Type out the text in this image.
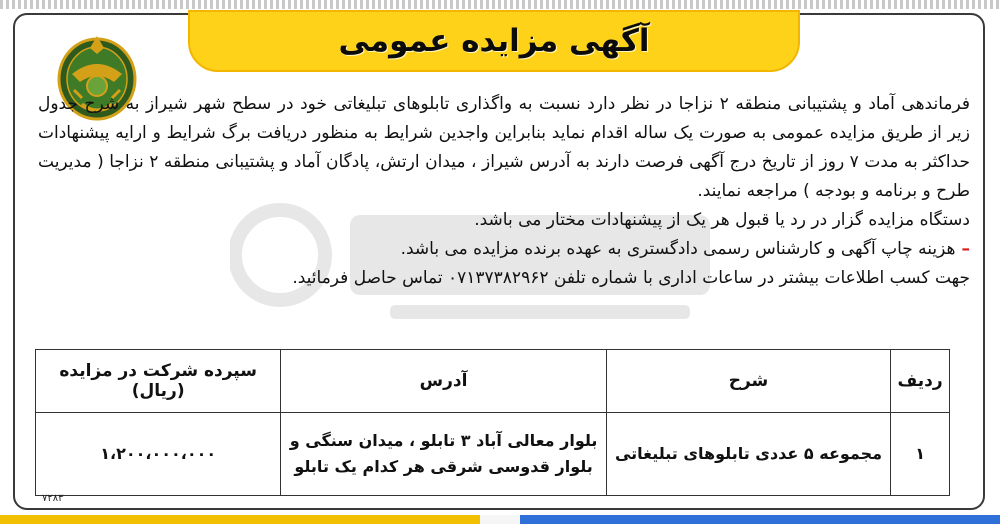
آگهی مزایده عمومی
فرماندهی آماد و پشتیبانی منطقه ۲ نزاجا در نظر دارد نسبت به واگذاری تابلوهای تبلیغاتی خود در سطح شهر شیراز به شرح جدول زیر از طریق مزایده عمومی به صورت یک ساله اقدام نماید بنابراین واجدین شرایط به منظور دریافت برگ شرایط و ارایه پیشنهادات حداکثر به مدت ۷ روز از تاریخ درج آگهی فرصت دارند به آدرس شیراز ، میدان ارتش، پادگان آماد و پشتیبانی منطقه ۲ نزاجا ( مدیریت طرح و برنامه و بودجه ) مراجعه نمایند.
دستگاه مزایده گزار در رد یا قبول هر یک از پیشنهادات مختار می باشد.
–هزینه چاپ آگهی و کارشناس رسمی دادگستری به عهده برنده مزایده می باشد.
جهت کسب اطلاعات بیشتر در ساعات اداری با شماره تلفن ۰۷۱۳۷۳۸۲۹۶۲ تماس حاصل فرمائید.
ردیف	شرح	آدرس	سپرده شرکت در مزایده (ریال)
۱	مجموعه ۵ عددی تابلوهای تبلیغاتی	بلوار معالی آباد ۳ تابلو ، میدان سنگی و
بلوار قدوسی شرقی هر کدام یک تابلو	۱،۲۰۰،۰۰۰،۰۰۰
۷۲۸۳
